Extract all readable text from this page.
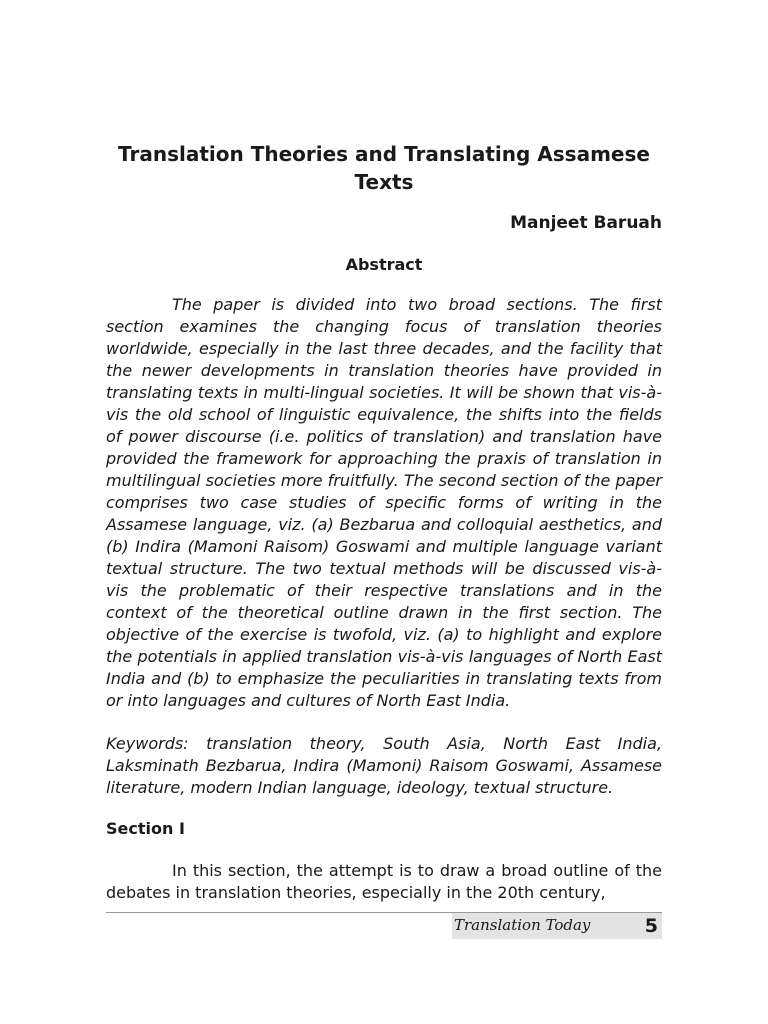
Translation Theories and Translating Assamese Texts

Manjeet Baruah

Abstract

The paper is divided into two broad sections. The first section examines the changing focus of translation theories worldwide, especially in the last three decades, and the facility that the newer developments in translation theories have provided in translating texts in multi-lingual societies. It will be shown that vis-à-vis the old school of linguistic equivalence, the shifts into the fields of power discourse (i.e. politics of translation) and translation have provided the framework for approaching the praxis of translation in multilingual societies more fruitfully. The second section of the paper comprises two case studies of specific forms of writing in the Assamese language, viz. (a) Bezbarua and colloquial aesthetics, and (b) Indira (Mamoni Raisom) Goswami and multiple language variant textual structure. The two textual methods will be discussed vis-à-vis the problematic of their respective translations and in the context of the theoretical outline drawn in the first section. The objective of the exercise is twofold, viz. (a) to highlight and explore the potentials in applied translation vis-à-vis languages of North East India and (b) to emphasize the peculiarities in translating texts from or into languages and cultures of North East India.

Keywords: translation theory, South Asia, North East India, Laksminath Bezbarua, Indira (Mamoni) Raisom Goswami, Assamese literature, modern Indian language, ideology, textual structure.

Section I

In this section, the attempt is to draw a broad outline of the debates in translation theories, especially in the 20th century,

Translation Today	5
